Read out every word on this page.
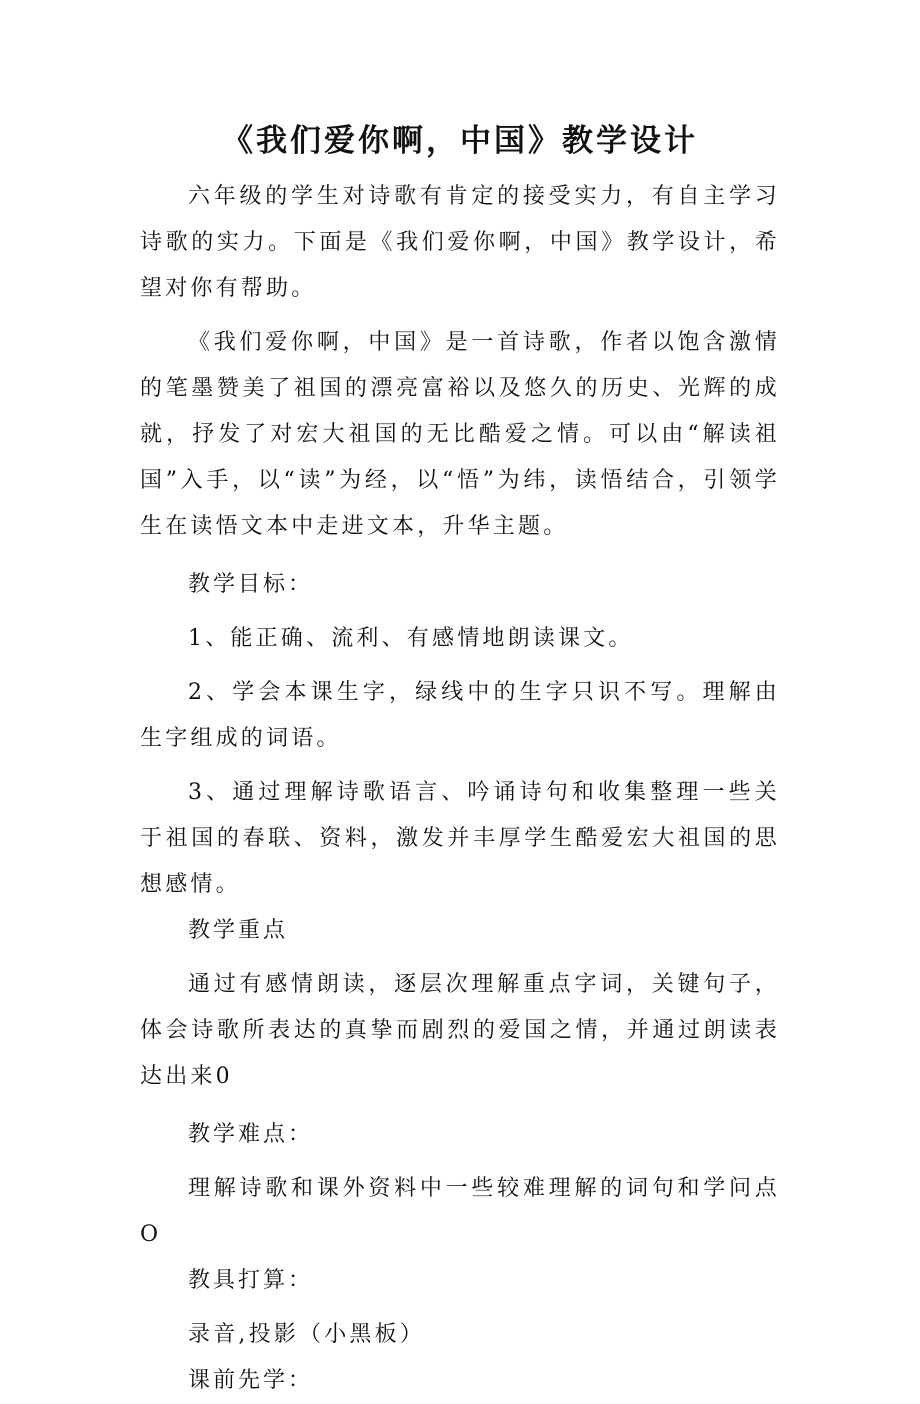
《我们爱你啊，中国》教学设计

六年级的学生对诗歌有肯定的接受实力，有自主学习诗歌的实力。下面是《我们爱你啊，中国》教学设计，希望对你有帮助。

《我们爱你啊，中国》是一首诗歌，作者以饱含激情的笔墨赞美了祖国的漂亮富裕以及悠久的历史、光辉的成就，抒发了对宏大祖国的无比酷爱之情。可以由“解读祖国”入手，以“读”为经，以“悟”为纬，读悟结合，引领学生在读悟文本中走进文本，升华主题。

教学目标：

1、能正确、流利、有感情地朗读课文。

2、学会本课生字，绿线中的生字只识不写。理解由生字组成的词语。

3、通过理解诗歌语言、吟诵诗句和收集整理一些关于祖国的春联、资料，激发并丰厚学生酷爱宏大祖国的思想感情。

教学重点

通过有感情朗读，逐层次理解重点字词，关键句子，体会诗歌所表达的真挚而剧烈的爱国之情，并通过朗读表达出来0

教学难点：

理解诗歌和课外资料中一些较难理解的词句和学问点O

教具打算：

录音,投影（小黑板）

课前先学：
